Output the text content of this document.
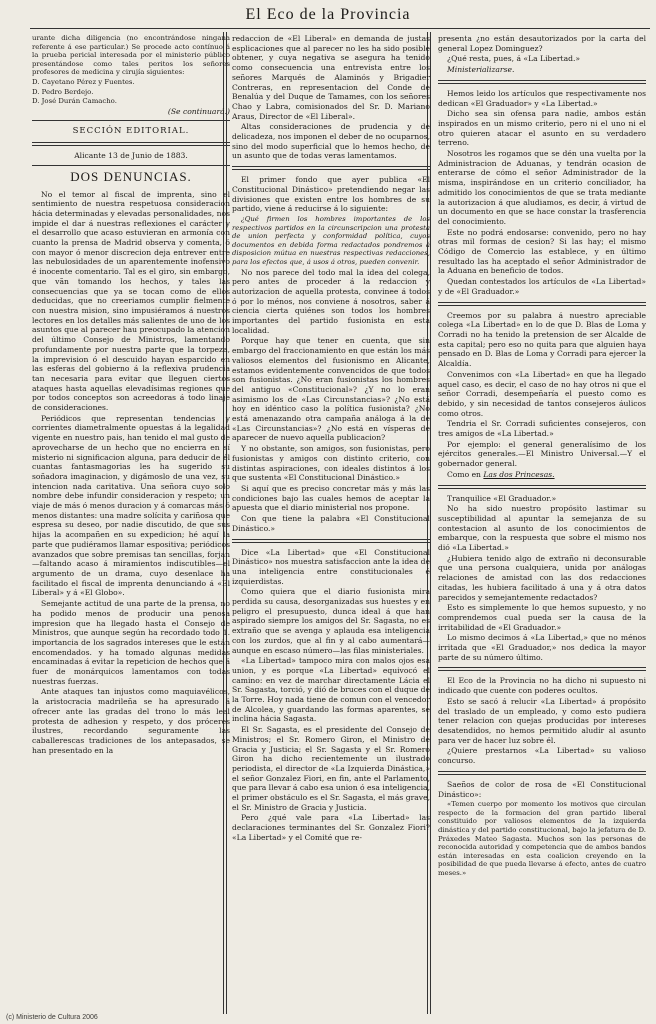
El Eco de la Provincia

urante dicha diligencia (no encontrándose ningana referente á ese particular.) Se procede acto contínuo á la prueba pericial interesada por el ministerio público presentándose como tales peritos los señores profesores de medicina y cirujía siguientes:

D. Cayetano Pérez y Fuentes.

D. Pedro Berdejo.

D. José Durán Camacho.

(Se continuará.)

SECCIÓN EDITORIAL.

Alicante 13 de Junio de 1883.

DOS DENUNCIAS.

No el temor al fiscal de imprenta, sino el sentimiento de nuestra respetuosa consideracion hácia determinadas y elevadas personalidades, nos impide el dar á nuestras reflexiones el carácter y el desarrollo que acaso estuvieran en armonía con cuanto la prensa de Madrid observa y comenta, ó con mayor ó menor discrecion deja entrever entre las nebulosidades de un aparentemente inofensivo é inocente comentario. Tal es el giro, sin embargo, que vãn tomando los hechos, y tales las consecuencias que ya se tocan como de ellos deducidas, que no creeriamos cumplir fielmente con nuestra mision, sino impusiéramos á nuestros lectores en los detalles más salientes de uno de los asuntos que al parecer hau preocupado la atencion del último Consejo de Ministros, lamentando profundamente por nuestra parte que la torpeza, la imprevision ó el descuido hayan esparcido en las esferas del gobierno á la reflexiva prudencia tan necesaria para evitar que lleguen ciertos ataques hasta aquellas elevadísimas regiones que por todos conceptos son acreedoras á todo linaje de consideraciones.

Periódicos que representan tendencias y corrientes diametralmente opuestas á la legalidad vigente en nuestro pais, han tenido el mal gusto de aprovecharse de un hecho que no encierra en sí misterio ni significacion alguna, para deducir de él cuantas fantasmagorias les ha sugerido su soñadora imaginacion, y digámoslo de una vez, su intencion nada caritativa. Una señora cuyo solo nombre debe infundir consideracion y respeto; un viaje de más ó menos duracion y á comarcas más ó menos distantes: una madre solícita y cariñosa que espresa su deseo, por nadie discutido, de que sus hijas la acompañen en su expedicion; hé aquí la parte que pudiéramos llamar espositiva; periódicos avanzados que sobre premisas tan sencillas, forjan—faltando acaso á miramientos indiscutibles—el argumento de un drama, cuyo desenlace ha facilitado el fiscal de imprenta denunciando á «El Liberal» y á «El Globo».

Semejante actitud de una parte de la prensa, no ha podido menos de producir una penosa impresion que ha llegado hasta el Consejo de Ministros, que aunque según ha recordado todo 1. importancia de los sagrados intereses que le están encomendados. y ha tomado algunas medidas encaminadas á evitar la repeticion de hechos que á fuer de monárquicos lamentamos con todas nuestras fuerzas.

Ante ataques tan injustos como maquiavélicos, la aristocracia madrileña se ha apresurado á ofrecer ante las gradas del trono lo más leal protesta de adhesion y respeto, y dos próceres ilustres, recordando seguramente las caballerescas tradiciones de los antepasados, se han presentado en la

redaccion de «El Liberal» en demanda de justas esplicaciones que al parecer no les ha sido posible obtener, y cuya negativa se asegura ha tenido como consecuencia una entrevista entre los señores Marqués de Alaminós y Brigadier Contreras, en representacion del Conde de Benalúa y del Duque de Tamames, con los señores Chao y Labra, comisionados del Sr. D. Mariano Araus, Director de «El Liberal».

Altas consideraciones de prudencia y de delicadeza, nos imponen el deber de no ocuparnos, sino del modo superficial que lo hemos hecho, de un asunto que de todas veras lamentamos.

El primer fondo que ayer publica «El Constitucional Dinástico» pretendiendo negar las divisiones que existen entre los hombres de su partido, viene á reducirse á lo siguiente:

¿Qué firmen los hombres importantes de los respectivos partidos en la circunscripcion una protesta de union perfecta y conformidad política, cuyos documentos en debida forma redactados pondremos á disposicion mútua en nuestras respectivas redacciones, para los efectos que, á usos á otros, pueden convenir.

No nos parece del todo mal la idea del colega, pero antes de proceder á la redaccion y autorizacion de aquella protesta, convinee á todos ó por lo ménos, nos conviene á nosotros, saber á ciencia cierta quiénes son todos los hombres importantes del partido fusionista en esta localidad.

Porque hay que tener en cuenta, que sin embargo del fraccionamiento en que están los más valiosos elementos del fusionismo en Alicante, estamos evidentemente convencidos de que todos son fusionistas. ¿No eran fusionistas los hombres del antiguo «Constitucional»? ¿Y no lo eran asimismo los de «Las Circunstancias»? ¿No está hoy en idéntico caso la política fusionista? ¿No está amenazando otra campaña análoga á la de «Las Circunstancias»? ¿No está en vísperas de aparecer de nuevo aquella publicacion?

Y no obstante, son amigos, son fusionistas, pero fusionistas y amigos con distinto criterio, con distintas aspiraciones, con ideales distintos á los que sustenta «El Constitucional Dinástico.»

Si aquí que es preciso concretar más y más las condiciones bajo las cuales hemos de aceptar la apuesta que el diario ministerial nos propone.

Con que tiene la palabra «El Constitucional Dinástico.»

Dice «La Libertad» que «El Constitucional Dinástico» nos muestra satisfaccion ante la idea de una inteligencia entre constitucionales é izquierdistas.

Como quiera que el diario fusionista mira perdida su causa, desorganizadas sus huestes y en peligro el presupuesto, dunca ideal á que han aspirado siempre los amigos del Sr. Sagasta, no es extraño que se avenga y aplauda esa inteligencia con los zurdos, que al fin y al cabo aumentará—aunque en escaso número—las filas ministeriales.

«La Libertad» tampoco mira con malos ojos esa union, y es porque «La Libertad» equivocó el camino: en vez de marchar directamente Lácia el Sr. Sagasta, torció, y dió de bruces con el duque de la Torre. Hoy nada tiene de comun con el vencedor de Alcolea, y guardando las formas aparentes, se inclina hácia Sagasta.

El Sr. Sagasta, es el presidente del Consejo de Ministros; el Sr. Romero Giron, el Ministro de Gracia y Justicia; el Sr. Sagasta y el Sr. Romero Giron ha dicho recientemente un ilustrado periodista, el director de «La Izquierda Dinástica,» el señor Gonzalez Fiori, en fin, ante el Parlamento, que para llevar á cabo esa union ó esa inteligencia, el primer obstáculo es el Sr. Sagasta, el más grave, el Sr. Ministro de Gracia y Justicia.

Pero ¿qué vale para «La Libertad» las declaraciones terminantes del Sr. Gonzalez Fiori? «La Libertad» y el Comité que re-

presenta ¿no están desautorizados por la carta del general Lopez Dominguez?

¿Qué resta, pues, á «La Libertad.»

Ministerializarse.

Hemos leido los artículos que respectivamente nos dedican «El Graduador» y «La Libertad.»

Dicho sea sin ofensa para nadie, ambos están inspirados en un mismo criterio, pero ni el uno ni el otro quieren atacar el asunto en su verdadero terreno.

Nosotros les rogamos que se dén una vuelta por la Administracion de Aduanas, y tendrán ocasion de enterarse de cómo el señor Administrador de la misma, inspirándose en un criterio conciliador, ha admitido los conocimientos de que se trata mediante la autorizacion á que aludiamos, es decir, á virtud de un documento en que se hace constar la trasferencia del conocimiento.

Este no podrá endosarse: convenido, pero no hay otras mil formas de cesion? Si las hay; el mismo Código de Comercio las establece, y en último resultado las ha aceptado el señor Administrador de la Aduana en beneficio de todos.

Quedan contestados los artículos de «La Libertad» y de «El Graduador.»

Creemos por su palabra á nuestro apreciable colega «La Libertad» en lo de que D. Blas de Loma y Corradi no ha tenido la pretension de ser Alcalde de esta capital; pero eso no quita para que alguien haya pensado en D. Blas de Loma y Corradi para ejercer la Alcaldía.

Convenimos con «La Libertad» en que ha llegado aquel caso, es decir, el caso de no hay otros ni que el señor Corradi, desempeñaría el puesto como es debido, y sin necesidad de tantos consejeros áulicos como otros.

Tendria el Sr. Corradi suficientes consejeros, con tres amigos de «La Libertad.»

Por ejemplo: el general generalísimo de los ejércitos generales.—El Ministro Universal.—Y el gobernador general.

Como en Las dos Princesas.

Tranquilice «El Graduador.»

No ha sido nuestro propósito lastimar su susceptibilidad al apuntar la semejanza de su contestacion al asunto de los conocimientos de embarque, con la respuesta que sobre el mismo nos dió «La Libertad.»

¿Hubiera tenido algo de extraño ni deconsurable que una persona cualquiera, unida por análogas relaciones de amistad con las dos redacciones citadas, les hubiera facilitado á una y á otra datos parecidos y semejantemente redactados?

Esto es simplemente lo que hemos supuesto, y no comprendemos cual pueda ser la causa de la irritabilidad de «El Graduador.»

Lo mismo decimos á «La Libertad,» que no ménos irritada que «El Graduador,» nos dedica la mayor parte de su número último.

El Eco de la Provincia no ha dicho ni supuesto ni indicado que cuente con poderes ocultos.

Esto se sacó á relucir «La Libertad» á propósito del traslado de un empleado, y como esto pudiera tener relacion con quejas producidas por intereses desatendidos, no hemos permitido aludir al asunto para ver de hacer luz sobre él.

¿Quiere prestarnos «La Libertad» su valioso concurso.

Saeños de color de rosa de «El Constitucional Dinástico»:

«Temen cuerpo por momento los motivos que circulan respecto de la formacion del gran partido liberal constituido por valiosos elementos de la izquierda dinástica y del partido constitucional, bajo la jefatura de D. Práxedes Mateo Sagasta. Muchos son las personas de reconocida autoridad y competencia que de ambos bandos están interesadas en esta coalicion creyendo en la posibilidad de que pueda llevarse á efecto, antes de cuatro meses.»

(c) Ministerio de Cultura 2006
